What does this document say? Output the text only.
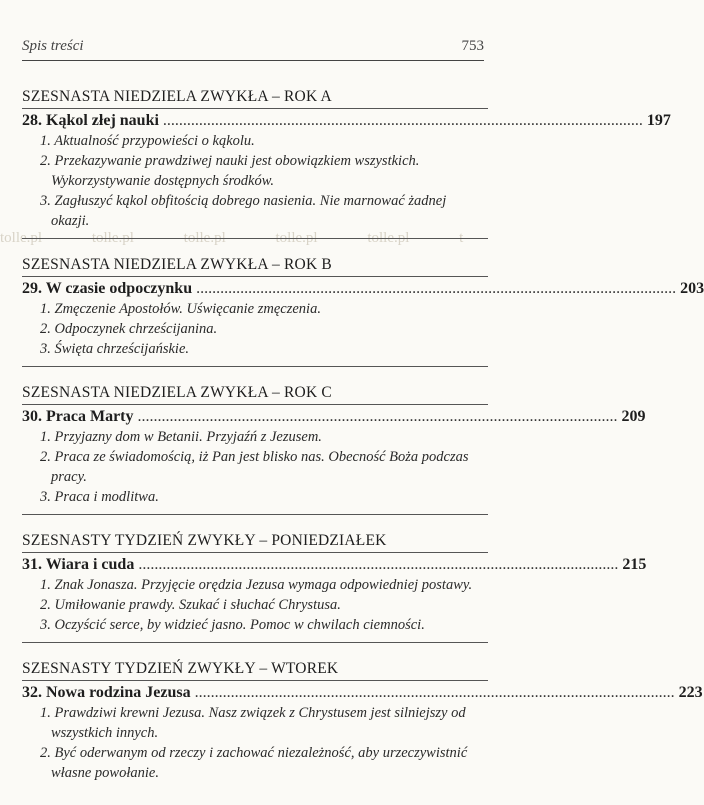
Spis treści	753
tolle.pl	tolle.pl	tolle.pl	tolle.pl	tolle.pl	t
SZESNASTA NIEDZIELA ZWYKŁA – ROK A
28. Kąkol złej nauki ........................................................................................................................ 197
1. Aktualność przypowieści o kąkolu.
2. Przekazywanie prawdziwej nauki jest obowiązkiem wszystkich. Wykorzystywanie dostępnych środków.
3. Zagłuszyć kąkol obfitością dobrego nasienia. Nie marnować żadnej okazji.
SZESNASTA NIEDZIELA ZWYKŁA – ROK B
29. W czasie odpoczynku ........................................................................................................................ 203
1. Zmęczenie Apostołów. Uświęcanie zmęczenia.
2. Odpoczynek chrześcijanina.
3. Święta chrześcijańskie.
SZESNASTA NIEDZIELA ZWYKŁA – ROK C
30. Praca Marty ........................................................................................................................ 209
1. Przyjazny dom w Betanii. Przyjaźń z Jezusem.
2. Praca ze świadomością, iż Pan jest blisko nas. Obecność Boża podczas pracy.
3. Praca i modlitwa.
SZESNASTY TYDZIEŃ ZWYKŁY – PONIEDZIAŁEK
31. Wiara i cuda ........................................................................................................................ 215
1. Znak Jonasza. Przyjęcie orędzia Jezusa wymaga odpowiedniej postawy.
2. Umiłowanie prawdy. Szukać i słuchać Chrystusa.
3. Oczyścić serce, by widzieć jasno. Pomoc w chwilach ciemności.
SZESNASTY TYDZIEŃ ZWYKŁY – WTOREK
32. Nowa rodzina Jezusa ........................................................................................................................ 223
1. Prawdziwi krewni Jezusa. Nasz związek z Chrystusem jest silniejszy od wszystkich innych.
2. Być oderwanym od rzeczy i zachować niezależność, aby urzeczywistnić własne powołanie.
